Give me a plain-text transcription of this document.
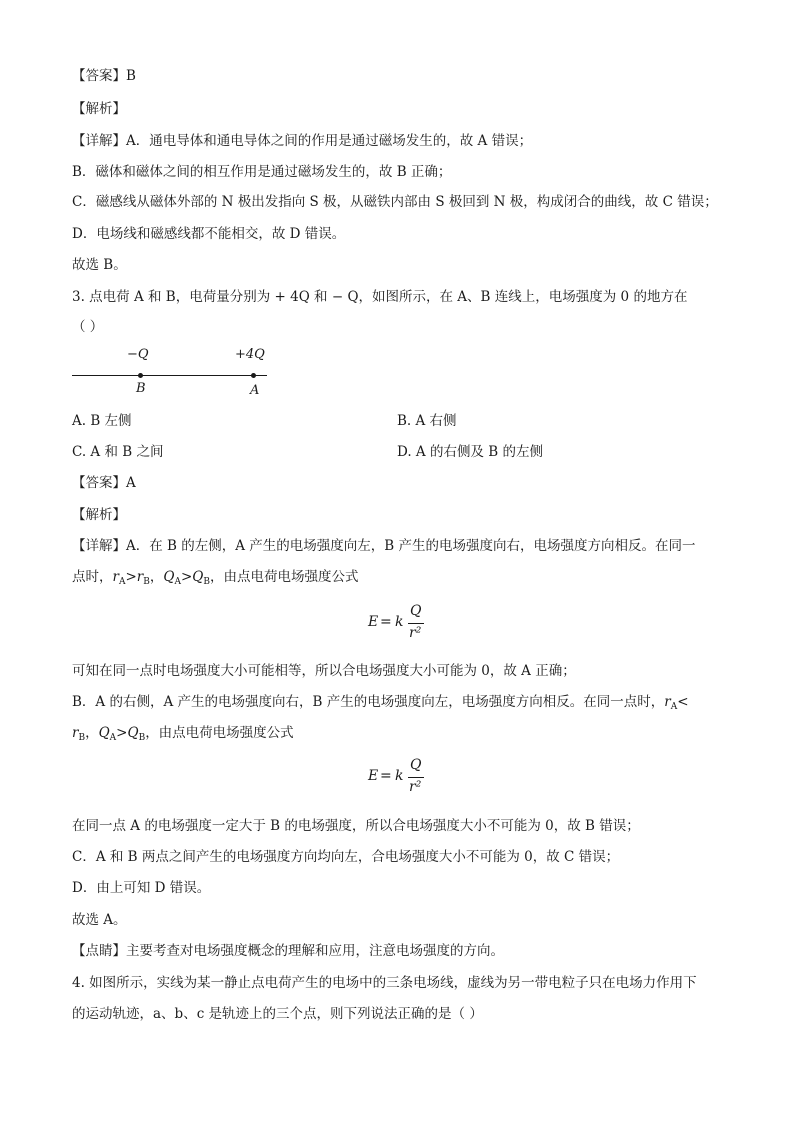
【答案】B
【解析】
【详解】A．通电导体和通电导体之间的作用是通过磁场发生的，故 A 错误；
B．磁体和磁体之间的相互作用是通过磁场发生的，故 B 正确；
C．磁感线从磁体外部的 N 极出发指向 S 极，从磁铁内部由 S 极回到 N 极，构成闭合的曲线，故 C 错误；
D．电场线和磁感线都不能相交，故 D 错误。
故选 B。
3. 点电荷 A 和 B，电荷量分别为 + 4Q 和 − Q，如图所示，在 A、B 连线上，电场强度为 0 的地方在
（ ）
−Q	+4Q
B	A
A. B 左侧	B. A 右侧
C. A 和 B 之间	D. A 的右侧及 B 的左侧
【答案】A
【解析】
【详解】A．在 B 的左侧，A 产生的电场强度向左，B 产生的电场强度向右，电场强度方向相反。在同一
点时，$r_A>r_B$，$Q_A>Q_B$，由点电荷电场强度公式
E = k
Q
r²
可知在同一点时电场强度大小可能相等，所以合电场强度大小可能为 0，故 A 正确；
B．A 的右侧，A 产生的电场强度向右，B 产生的电场强度向左，电场强度方向相反。在同一点时，$r_A<$
$r_B$，$Q_A>Q_B$，由点电荷电场强度公式
E = k
Q
r²
在同一点 A 的电场强度一定大于 B 的电场强度，所以合电场强度大小不可能为 0，故 B 错误；
C．A 和 B 两点之间产生的电场强度方向均向左，合电场强度大小不可能为 0，故 C 错误；
D．由上可知 D 错误。
故选 A。
【点睛】主要考查对电场强度概念的理解和应用，注意电场强度的方向。
4. 如图所示，实线为某一静止点电荷产生的电场中的三条电场线，虚线为另一带电粒子只在电场力作用下
的运动轨迹，a、b、c 是轨迹上的三个点，则下列说法正确的是（ ）
